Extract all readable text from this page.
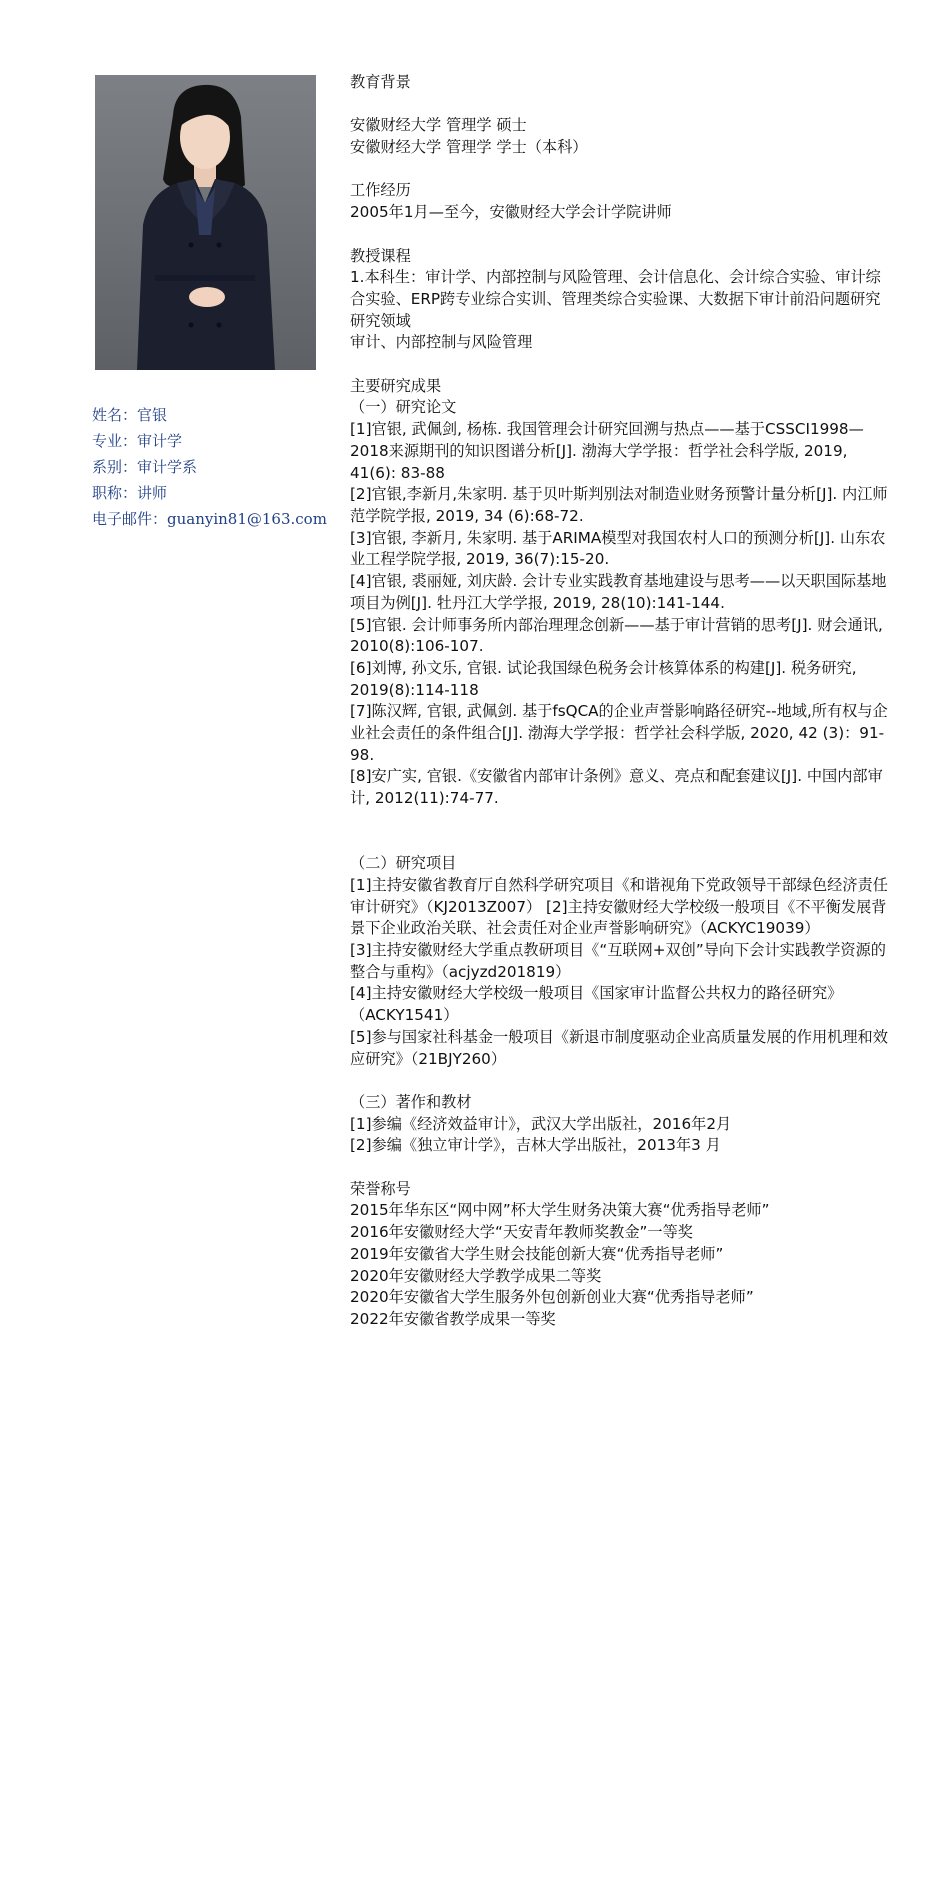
姓名：官银
专业：审计学
系别：审计学系
职称：讲师
电子邮件：guanyin81@163.com

教育背景

安徽财经大学 管理学 硕士

安徽财经大学 管理学 学士（本科）

工作经历

2005年1月—至今，安徽财经大学会计学院讲师

教授课程

1.本科生：审计学、内部控制与风险管理、会计信息化、会计综合实验、审计综合实验、ERP跨专业综合实训、管理类综合实验课、大数据下审计前沿问题研究

研究领域

审计、内部控制与风险管理

主要研究成果

（一）研究论文

[1]官银, 武佩剑, 杨栋. 我国管理会计研究回溯与热点——基于CSSCI1998—2018来源期刊的知识图谱分析[J]. 渤海大学学报：哲学社会科学版, 2019, 41(6): 83-88

[2]官银,李新月,朱家明. 基于贝叶斯判别法对制造业财务预警计量分析[J]. 内江师范学院学报, 2019, 34 (6):68-72.

[3]官银, 李新月, 朱家明. 基于ARIMA模型对我国农村人口的预测分析[J]. 山东农业工程学院学报, 2019, 36(7):15-20.

[4]官银, 裘丽娅, 刘庆龄. 会计专业实践教育基地建设与思考——以天职国际基地项目为例[J]. 牡丹江大学学报, 2019, 28(10):141-144.

[5]官银. 会计师事务所内部治理理念创新——基于审计营销的思考[J]. 财会通讯, 2010(8):106-107.

[6]刘博, 孙文乐, 官银. 试论我国绿色税务会计核算体系的构建[J]. 税务研究, 2019(8):114-118

[7]陈汉辉, 官银, 武佩剑. 基于fsQCA的企业声誉影响路径研究--地域,所有权与企业社会责任的条件组合[J]. 渤海大学学报：哲学社会科学版, 2020, 42 (3)：91-98.

[8]安广实, 官银.《安徽省内部审计条例》意义、亮点和配套建议[J]. 中国内部审计, 2012(11):74-77.

（二）研究项目

[1]主持安徽省教育厅自然科学研究项目《和谐视角下党政领导干部绿色经济责任审计研究》（KJ2013Z007） [2]主持安徽财经大学校级一般项目《不平衡发展背景下企业政治关联、社会责任对企业声誉影响研究》（ACKYC19039）

[3]主持安徽财经大学重点教研项目《“互联网+双创”导向下会计实践教学资源的整合与重构》（acjyzd201819）

[4]主持安徽财经大学校级一般项目《国家审计监督公共权力的路径研究》（ACKY1541）

[5]参与国家社科基金一般项目《新退市制度驱动企业高质量发展的作用机理和效应研究》（21BJY260）

（三）著作和教材

[1]参编《经济效益审计》，武汉大学出版社，2016年2月

[2]参编《独立审计学》，吉林大学出版社，2013年3 月

荣誉称号

2015年华东区“网中网”杯大学生财务决策大赛“优秀指导老师”

2016年安徽财经大学“天安青年教师奖教金”一等奖

2019年安徽省大学生财会技能创新大赛“优秀指导老师”

2020年安徽财经大学教学成果二等奖

2020年安徽省大学生服务外包创新创业大赛“优秀指导老师”

2022年安徽省教学成果一等奖
